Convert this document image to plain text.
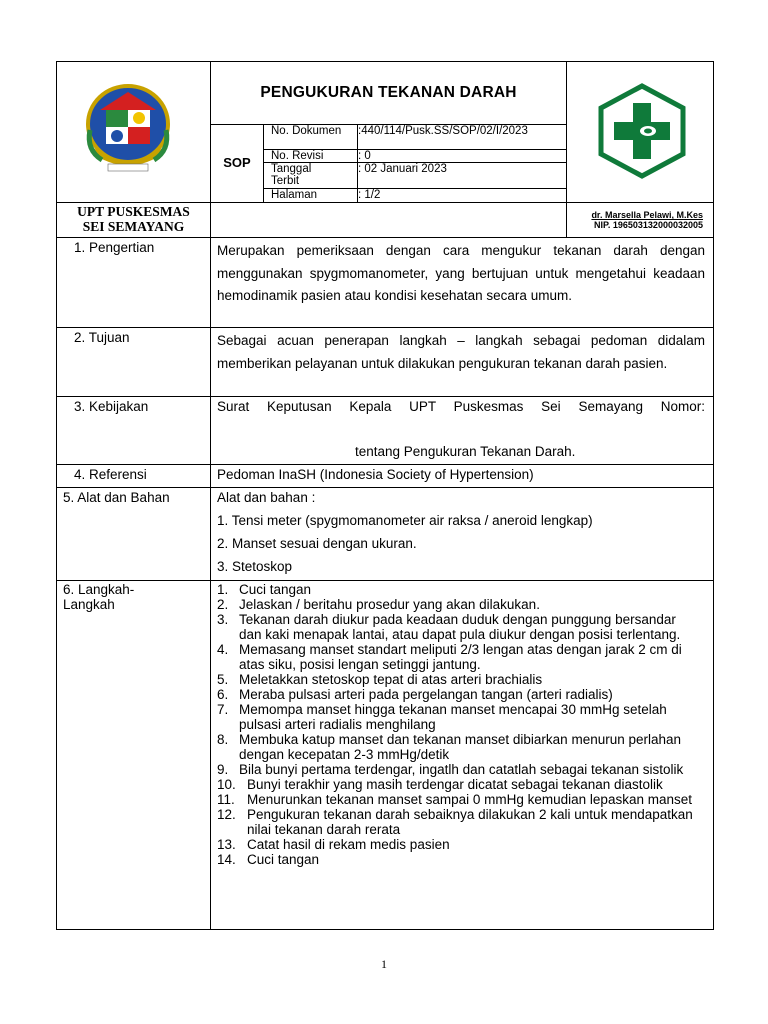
PENGUKURAN TEKANAN DARAH
SOP
No. Dokumen	:440/114/Pusk.SS/SOP/02/I/2023
No. Revisi	: 0
Tanggal Terbit
: 02 Januari 2023
Halaman	: 1/2
UPT PUSKESMAS
SEI SEMAYANG
dr. Marsella Pelawi, M.Kes
NIP. 196503132000032005
1. Pengertian	Merupakan pemeriksaan dengan cara mengukur tekanan darah dengan menggunakan spygmomanometer, yang bertujuan untuk mengetahui keadaan hemodinamik pasien atau kondisi kesehatan secara umum.
2. Tujuan	Sebagai acuan penerapan langkah – langkah sebagai pedoman didalam memberikan pelayanan untuk dilakukan pengukuran tekanan darah pasien.
3. Kebijakan	Surat Keputusan Kepala UPT Puskesmas Sei Semayang Nomor:
tentang Pengukuran Tekanan Darah.
4. Referensi	Pedoman InaSH (Indonesia Society of Hypertension)
5. Alat dan Bahan	Alat dan bahan :
1. Tensi meter (spygmomanometer air raksa / aneroid lengkap)
2. Manset sesuai dengan ukuran.
3. Stetoskop
6. Langkah-
Langkah
1. Cuci tangan
2. Jelaskan / beritahu prosedur yang akan dilakukan.
3. Tekanan darah diukur pada keadaan duduk dengan punggung bersandar dan kaki menapak lantai, atau dapat pula diukur dengan posisi terlentang.
4. Memasang manset standart meliputi 2/3 lengan atas dengan jarak 2 cm di atas siku, posisi lengan setinggi jantung.
5. Meletakkan stetoskop tepat di atas arteri brachialis
6. Meraba pulsasi arteri pada pergelangan tangan (arteri radialis)
7. Memompa manset hingga tekanan manset mencapai 30 mmHg setelah pulsasi arteri radialis menghilang
8. Membuka katup manset dan tekanan manset dibiarkan menurun perlahan dengan kecepatan 2-3 mmHg/detik
9. Bila bunyi pertama terdengar, ingatlh dan catatlah sebagai tekanan sistolik
10. Bunyi terakhir yang masih terdengar dicatat sebagai tekanan diastolik
11. Menurunkan tekanan manset sampai 0 mmHg kemudian lepaskan manset
12. Pengukuran tekanan darah sebaiknya dilakukan 2 kali untuk mendapatkan nilai tekanan darah rerata
13. Catat hasil di rekam medis pasien
14. Cuci tangan
1
